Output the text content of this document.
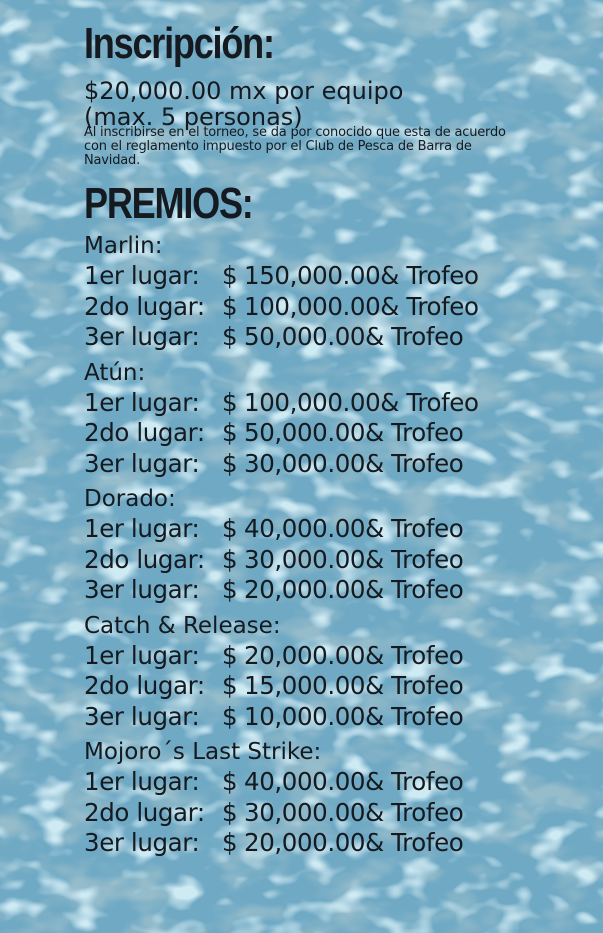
Inscripción:
$20,000.00 mx por equipo
(max. 5 personas)
Al inscribirse en el torneo, se da por conocido que esta de acuerdo con el reglamento impuesto por el Club de Pesca de Barra de Navidad.
PREMIOS:
Marlin:
1er lugar: $ 150,000.00 & Trofeo
2do lugar: $ 100,000.00 & Trofeo
3er lugar: $ 50,000.00 & Trofeo
Atún:
1er lugar: $ 100,000.00 & Trofeo
2do lugar: $ 50,000.00 & Trofeo
3er lugar: $ 30,000.00 & Trofeo
Dorado:
1er lugar: $ 40,000.00 & Trofeo
2do lugar: $ 30,000.00 & Trofeo
3er lugar: $ 20,000.00 & Trofeo
Catch & Release:
1er lugar: $ 20,000.00 & Trofeo
2do lugar: $ 15,000.00 & Trofeo
3er lugar: $ 10,000.00 & Trofeo
Mojoro´s Last Strike:
1er lugar: $ 40,000.00 & Trofeo
2do lugar: $ 30,000.00 & Trofeo
3er lugar: $ 20,000.00 & Trofeo
